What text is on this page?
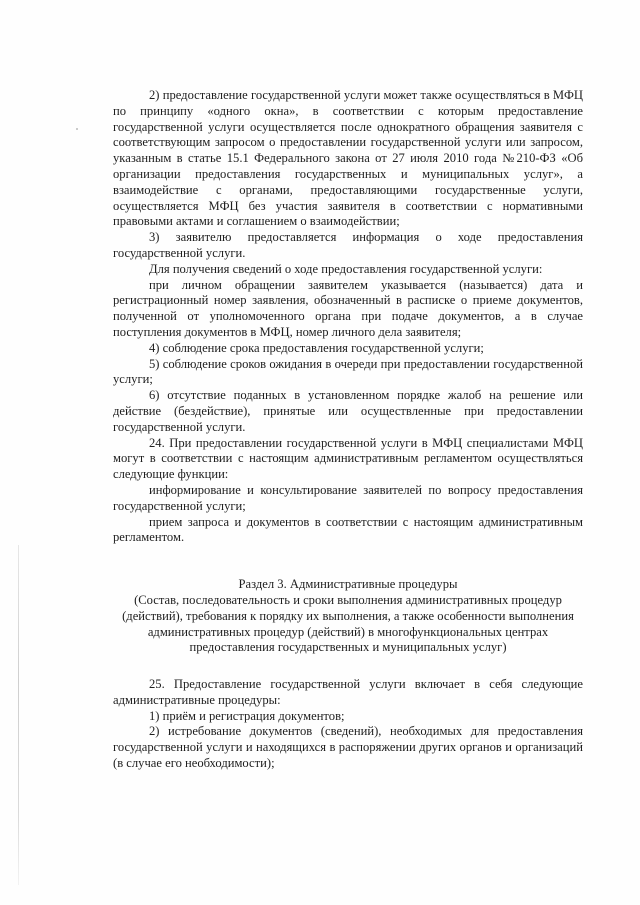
2) предоставление государственной услуги может также осуществляться в МФЦ по принципу «одного окна», в соответствии с которым предоставление государственной услуги осуществляется после однократного обращения заявителя с соответствующим запросом о предоставлении государственной услуги или запросом, указанным в статье 15.1 Федерального закона от 27 июля 2010 года №210-ФЗ «Об организации предоставления государственных и муниципальных услуг», а взаимодействие с органами, предоставляющими государственные услуги, осуществляется МФЦ без участия заявителя в соответствии с нормативными правовыми актами и соглашением о взаимодействии;

3) заявителю предоставляется информация о ходе предоставления государственной услуги.

Для получения сведений о ходе предоставления государственной услуги:

при личном обращении заявителем указывается (называется) дата и регистрационный номер заявления, обозначенный в расписке о приеме документов, полученной от уполномоченного органа при подаче документов, а в случае поступления документов в МФЦ, номер личного дела заявителя;

4) соблюдение срока предоставления государственной услуги;

5) соблюдение сроков ожидания в очереди при предоставлении государственной услуги;

6) отсутствие поданных в установленном порядке жалоб на решение или действие (бездействие), принятые или осуществленные при предоставлении государственной услуги.

24. При предоставлении государственной услуги в МФЦ специалистами МФЦ могут в соответствии с настоящим административным регламентом осуществляться следующие функции:

информирование и консультирование заявителей по вопросу предоставления государственной услуги;

прием запроса и документов в соответствии с настоящим административным регламентом.

Раздел 3. Административные процедуры
(Состав, последовательность и сроки выполнения административных процедур (действий), требования к порядку их выполнения, а также особенности выполнения административных процедур (действий) в многофункциональных центрах предоставления государственных и муниципальных услуг)

25. Предоставление государственной услуги включает в себя следующие административные процедуры:

1) приём и регистрация документов;

2) истребование документов (сведений), необходимых для предоставления государственной услуги и находящихся в распоряжении других органов и организаций (в случае его необходимости);
